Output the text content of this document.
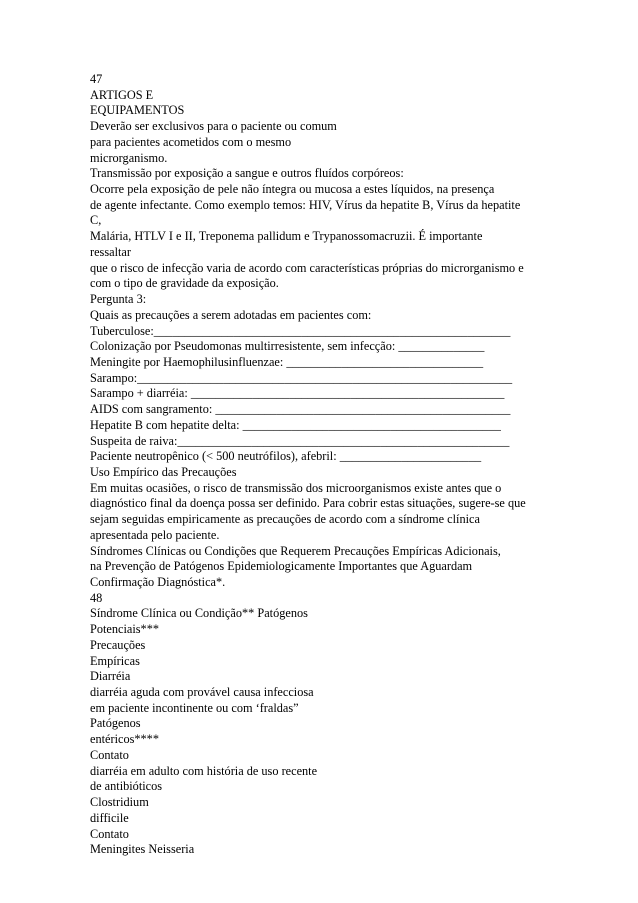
47
ARTIGOS E
EQUIPAMENTOS
Deverão ser exclusivos para o paciente ou comum
para pacientes acometidos com o mesmo
microrganismo.
Transmissão por exposição a sangue e outros fluídos corpóreos:
Ocorre pela exposição de pele não íntegra ou mucosa a estes líquidos, na presença
de agente infectante. Como exemplo temos: HIV, Vírus da hepatite B, Vírus da hepatite
C,
Malária, HTLV I e II, Treponema pallidum e Trypanossomacruzii. É importante
ressaltar
que o risco de infecção varia de acordo com características próprias do microrganismo e
com o tipo de gravidade da exposição.
Pergunta 3:
Quais as precauções a serem adotadas em pacientes com:
Tuberculose:__________________________________________________________
Colonização por Pseudomonas multirresistente, sem infecção: ______________
Meningite por Haemophilusinfluenzae: ________________________________
Sarampo:_____________________________________________________________
Sarampo + diarréia: ___________________________________________________
AIDS com sangramento: ________________________________________________
Hepatite B com hepatite delta: __________________________________________
Suspeita de raiva:______________________________________________________
Paciente neutropênico (< 500 neutrófilos), afebril: _______________________
Uso Empírico das Precauções
Em muitas ocasiões, o risco de transmissão dos microorganismos existe antes que o
diagnóstico final da doença possa ser definido. Para cobrir estas situações, sugere-se que
sejam seguidas empiricamente as precauções de acordo com a síndrome clínica
apresentada pelo paciente.
Síndromes Clínicas ou Condições que Requerem Precauções Empíricas Adicionais,
na Prevenção de Patógenos Epidemiologicamente Importantes que Aguardam
Confirmação Diagnóstica*.
48
Síndrome Clínica ou Condição** Patógenos
Potenciais***
Precauções
Empíricas
Diarréia
diarréia aguda com provável causa infecciosa
em paciente incontinente ou com ‘fraldas”
Patógenos
entéricos****
Contato
diarréia em adulto com história de uso recente
de antibióticos
Clostridium
difficile
Contato
Meningites Neisseria
